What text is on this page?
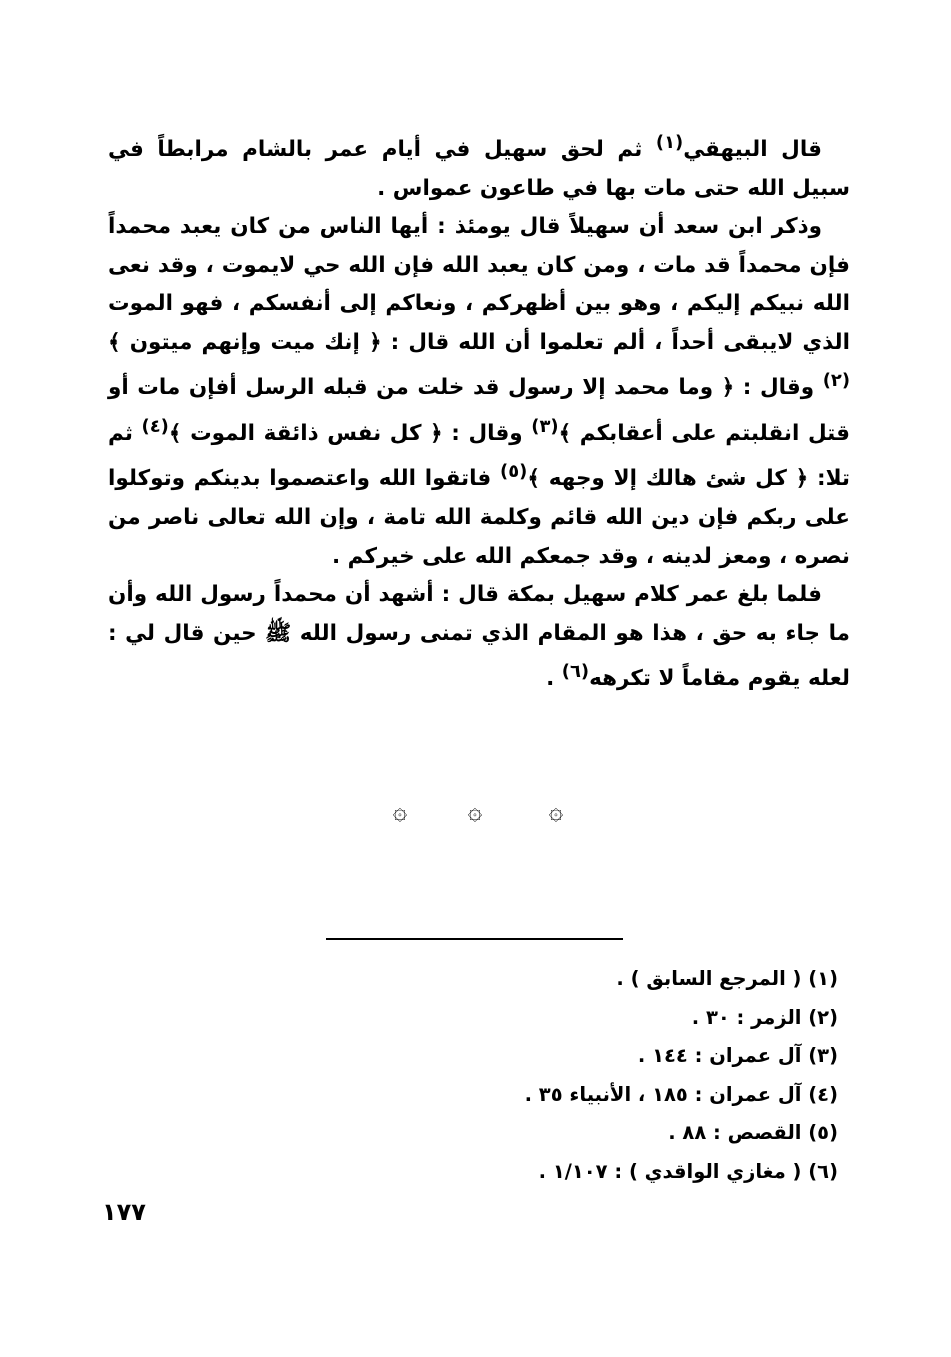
قال البيهقي$^{(١)}$ ثم لحق سهيل في أيام عمر بالشام مرابطاً في سبيل الله حتى مات بها في طاعون عمواس .

وذكر ابن سعد أن سهيلاً قال يومئذ : أيها الناس من كان يعبد محمداً فإن محمداً قد مات ، ومن كان يعبد الله فإن الله حي لايموت ، وقد نعى الله نبيكم إليكم ، وهو بين أظهركم ، ونعاكم إلى أنفسكم ، فهو الموت الذي لايبقى أحداً ، ألم تعلموا أن الله قال : ﴿ إنك ميت وإنهم ميتون ﴾$^{(٢)}$ وقال : ﴿ وما محمد إلا رسول قد خلت من قبله الرسل أفإن مات أو قتل انقلبتم على أعقابكم ﴾$^{(٣)}$ وقال : ﴿ كل نفس ذائقة الموت ﴾$^{(٤)}$ ثم تلا: ﴿ كل شئ هالك إلا وجهه ﴾$^{(٥)}$ فاتقوا الله واعتصموا بدينكم وتوكلوا على ربكم فإن دين الله قائم وكلمة الله تامة ، وإن الله تعالى ناصر من نصره ، ومعز لدينه ، وقد جمعكم الله على خيركم .

فلما بلغ عمر كلام سهيل بمكة قال : أشهد أن محمداً رسول الله وأن ما جاء به حق ، هذا هو المقام الذي تمنى رسول الله ﷺ حين قال لي : لعله يقوم مقاماً لا تكرهه$^{(٦)}$ .

۞	۞	۞

(١) ( المرجع السابق ) .

(٢) الزمر : ٣٠ .

(٣) آل عمران : ١٤٤ .

(٤) آل عمران : ١٨٥ ، الأنبياء ٣٥ .

(٥) القصص : ٨٨ .

(٦) ( مغازي الواقدي ) : ١/١٠٧ .

١٧٧
